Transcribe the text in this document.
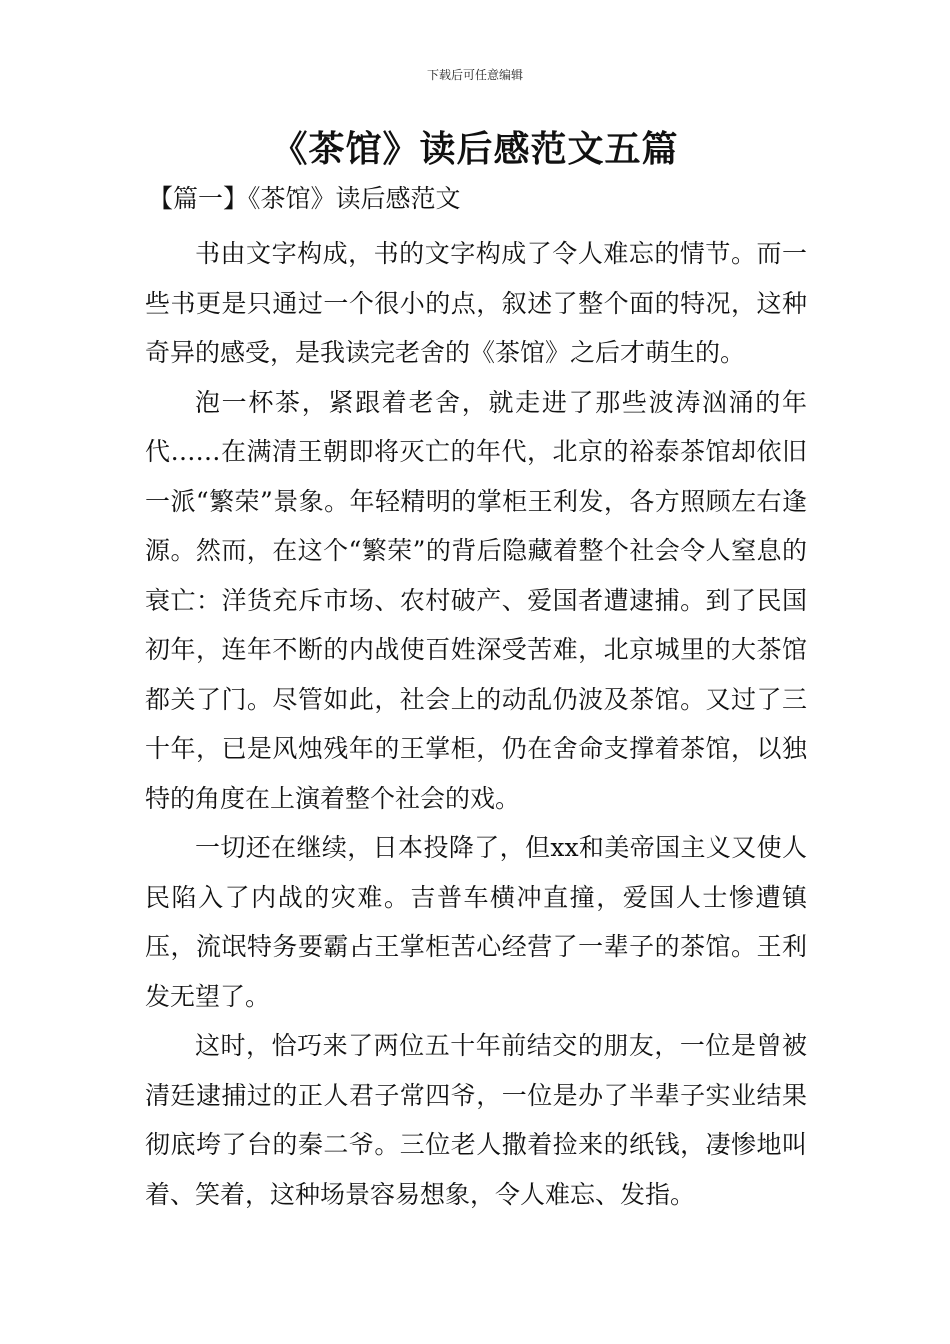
下载后可任意编辑
《茶馆》读后感范文五篇
【篇一】《茶馆》读后感范文

书由文字构成，书的文字构成了令人难忘的情节。而一些书更是只通过一个很小的点，叙述了整个面的特况，这种奇异的感受，是我读完老舍的《茶馆》之后才萌生的。

泡一杯茶，紧跟着老舍，就走进了那些波涛汹涌的年代……在满清王朝即将灭亡的年代，北京的裕泰茶馆却依旧一派“繁荣”景象。年轻精明的掌柜王利发，各方照顾左右逢源。然而，在这个“繁荣”的背后隐藏着整个社会令人窒息的衰亡：洋货充斥市场、农村破产、爱国者遭逮捕。到了民国初年，连年不断的内战使百姓深受苦难，北京城里的大茶馆都关了门。尽管如此，社会上的动乱仍波及茶馆。又过了三十年，已是风烛残年的王掌柜，仍在舍命支撑着茶馆，以独特的角度在上演着整个社会的戏。

一切还在继续，日本投降了，但xx和美帝国主义又使人民陷入了内战的灾难。吉普车横冲直撞，爱国人士惨遭镇压，流氓特务要霸占王掌柜苦心经营了一辈子的茶馆。王利发无望了。

这时，恰巧来了两位五十年前结交的朋友，一位是曾被清廷逮捕过的正人君子常四爷，一位是办了半辈子实业结果彻底垮了台的秦二爷。三位老人撒着捡来的纸钱，凄惨地叫着、笑着，这种场景容易想象，令人难忘、发指。
